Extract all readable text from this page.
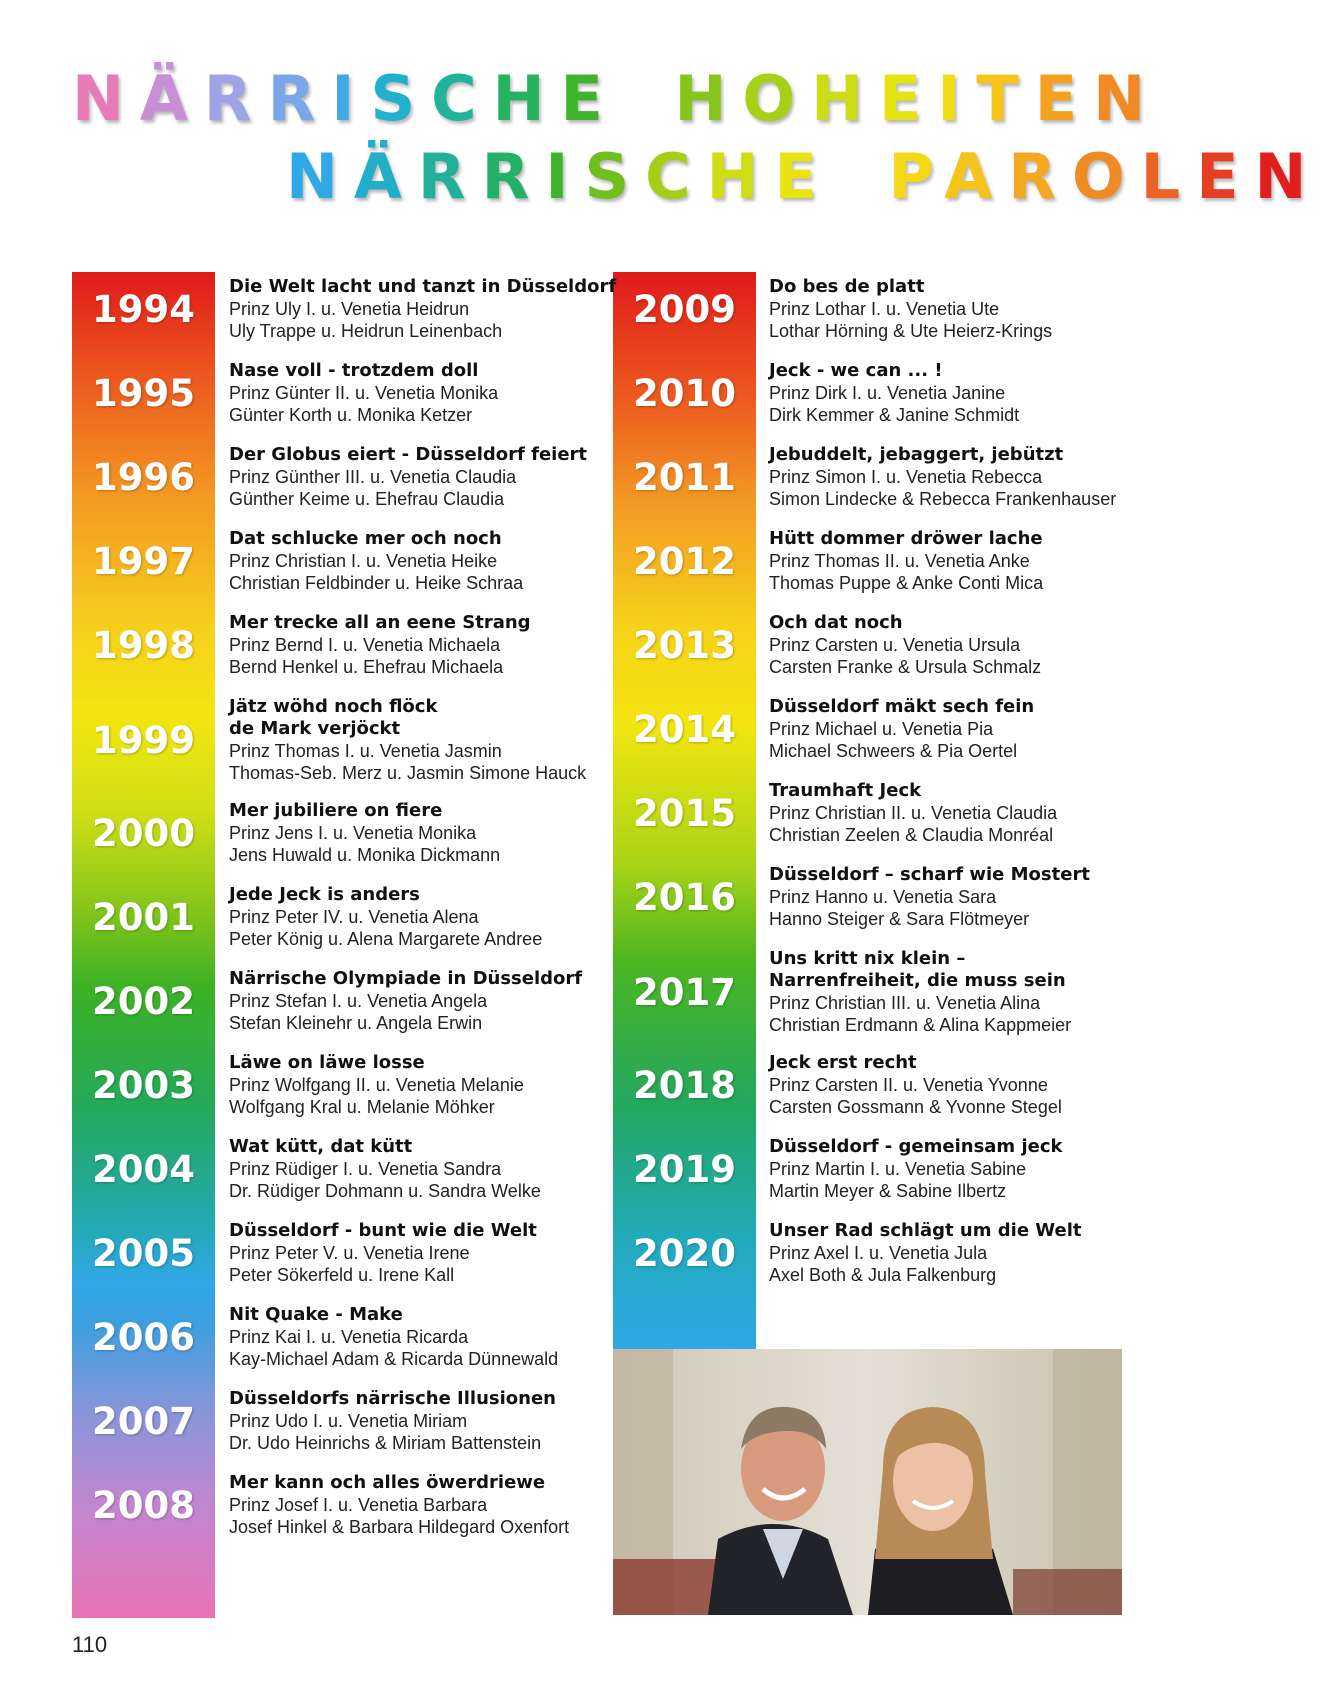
NÄRRISCHE HOHEITEN
NÄRRISCHE PAROLEN
Die Welt lacht und tanzt in Düsseldorf
Prinz Uly I. u. Venetia Heidrun
Uly Trappe u. Heidrun Leinenbach
1994
Nase voll - trotzdem doll
Prinz Günter II. u. Venetia Monika
Günter Korth u. Monika Ketzer
1995
Der Globus eiert - Düsseldorf feiert
Prinz Günther III. u. Venetia Claudia
Günther Keime u. Ehefrau Claudia
1996
Dat schlucke mer och noch
Prinz Christian I. u. Venetia Heike
Christian Feldbinder u. Heike Schraa
1997
Mer trecke all an eene Strang
Prinz Bernd I. u. Venetia Michaela
Bernd Henkel u. Ehefrau Michaela
1998
Jätz wöhd noch flöck
de Mark verjöckt
Prinz Thomas I. u. Venetia Jasmin
Thomas-Seb. Merz u. Jasmin Simone Hauck
1999
Mer jubiliere on fiere
Prinz Jens I. u. Venetia Monika
Jens Huwald u. Monika Dickmann
2000
Jede Jeck is anders
Prinz Peter IV. u. Venetia Alena
Peter König u. Alena Margarete Andree
2001
Närrische Olympiade in Düsseldorf
Prinz Stefan I. u. Venetia Angela
Stefan Kleinehr u. Angela Erwin
2002
Läwe on läwe losse
Prinz Wolfgang II. u. Venetia Melanie
Wolfgang Kral u. Melanie Möhker
2003
Wat kütt, dat kütt
Prinz Rüdiger I. u. Venetia Sandra
Dr. Rüdiger Dohmann u. Sandra Welke
2004
Düsseldorf - bunt wie die Welt
Prinz Peter V. u. Venetia Irene
Peter Sökerfeld u. Irene Kall
2005
Nit Quake - Make
Prinz Kai I. u. Venetia Ricarda
Kay-Michael Adam & Ricarda Dünnewald
2006
Düsseldorfs närrische Illusionen
Prinz Udo I. u. Venetia Miriam
Dr. Udo Heinrichs & Miriam Battenstein
2007
Mer kann och alles öwerdriewe
Prinz Josef I. u. Venetia Barbara
Josef Hinkel & Barbara Hildegard Oxenfort
2008
Do bes de platt
Prinz Lothar I. u. Venetia Ute
Lothar Hörning & Ute Heierz-Krings
2009
Jeck - we can ... !
Prinz Dirk I. u. Venetia Janine
Dirk Kemmer & Janine Schmidt
2010
Jebuddelt, jebaggert, jebützt
Prinz Simon I. u. Venetia Rebecca
Simon Lindecke & Rebecca Frankenhauser
2011
Hütt dommer dröwer lache
Prinz Thomas II. u. Venetia Anke
Thomas Puppe & Anke Conti Mica
2012
Och dat noch
Prinz Carsten u. Venetia Ursula
Carsten Franke & Ursula Schmalz
2013
Düsseldorf mäkt sech fein
Prinz Michael u. Venetia Pia
Michael Schweers & Pia Oertel
2014
Traumhaft Jeck
Prinz Christian II. u. Venetia Claudia
Christian Zeelen & Claudia Monréal
2015
Düsseldorf – scharf wie Mostert
Prinz Hanno u. Venetia Sara
Hanno Steiger & Sara Flötmeyer
2016
Uns kritt nix klein –
Narrenfreiheit, die muss sein
Prinz Christian III. u. Venetia Alina
Christian Erdmann & Alina Kappmeier
2017
Jeck erst recht
Prinz Carsten II. u. Venetia Yvonne
Carsten Gossmann & Yvonne Stegel
2018
Düsseldorf - gemeinsam jeck
Prinz Martin I. u. Venetia Sabine
Martin Meyer & Sabine Ilbertz
2019
Unser Rad schlägt um die Welt
Prinz Axel I. u. Venetia Jula
Axel Both & Jula Falkenburg
2020
110
